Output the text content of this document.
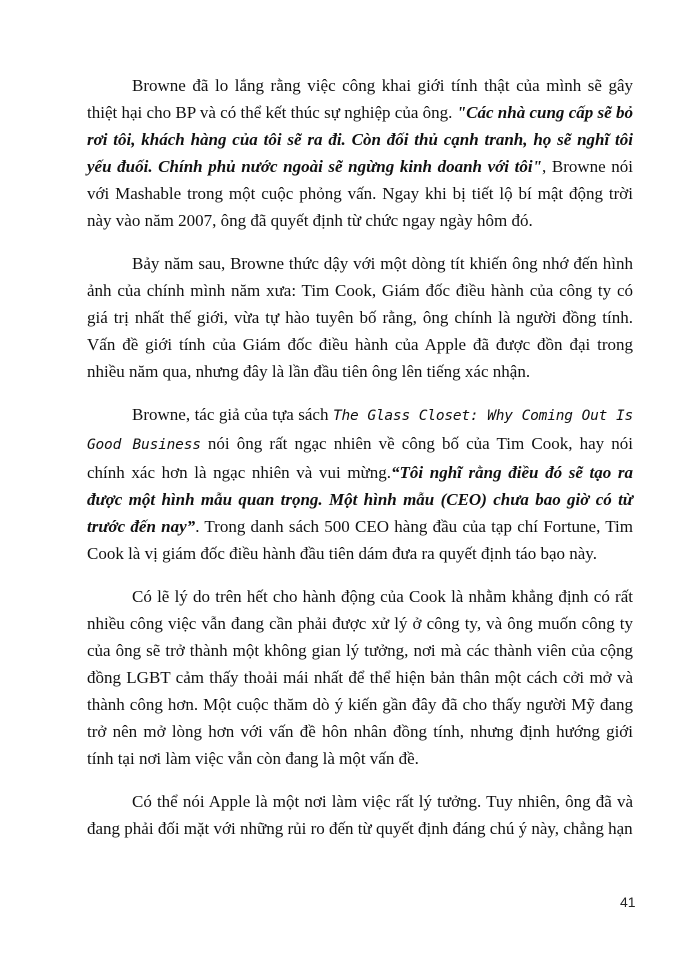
Browne đã lo lắng rằng việc công khai giới tính thật của mình sẽ gây thiệt hại cho BP và có thể kết thúc sự nghiệp của ông. "Các nhà cung cấp sẽ bỏ rơi tôi, khách hàng của tôi sẽ ra đi. Còn đối thủ cạnh tranh, họ sẽ nghĩ tôi yếu đuối. Chính phủ nước ngoài sẽ ngừng kinh doanh với tôi", Browne nói với Mashable trong một cuộc phỏng vấn. Ngay khi bị tiết lộ bí mật động trời này vào năm 2007, ông đã quyết định từ chức ngay ngày hôm đó.

Bảy năm sau, Browne thức dậy với một dòng tít khiến ông nhớ đến hình ảnh của chính mình năm xưa: Tim Cook, Giám đốc điều hành của công ty có giá trị nhất thế giới, vừa tự hào tuyên bố rằng, ông chính là người đồng tính. Vấn đề giới tính của Giám đốc điều hành của Apple đã được đồn đại trong nhiều năm qua, nhưng đây là lần đầu tiên ông lên tiếng xác nhận.

Browne, tác giả của tựa sách The Glass Closet: Why Coming Out Is Good Business nói ông rất ngạc nhiên về công bố của Tim Cook, hay nói chính xác hơn là ngạc nhiên và vui mừng.“Tôi nghĩ rằng điều đó sẽ tạo ra được một hình mẫu quan trọng. Một hình mẫu (CEO) chưa bao giờ có từ trước đến nay”. Trong danh sách 500 CEO hàng đầu của tạp chí Fortune, Tim Cook là vị giám đốc điều hành đầu tiên dám đưa ra quyết định táo bạo này.

Có lẽ lý do trên hết cho hành động của Cook là nhằm khẳng định có rất nhiều công việc vẫn đang cần phải được xử lý ở công ty, và ông muốn công ty của ông sẽ trở thành một không gian lý tưởng, nơi mà các thành viên của cộng đồng LGBT cảm thấy thoải mái nhất để thể hiện bản thân một cách cởi mở và thành công hơn. Một cuộc thăm dò ý kiến gần đây đã cho thấy người Mỹ đang trở nên mở lòng hơn với vấn đề hôn nhân đồng tính, nhưng định hướng giới tính tại nơi làm việc vẫn còn đang là một vấn đề.

Có thể nói Apple là một nơi làm việc rất lý tưởng. Tuy nhiên, ông đã và đang phải đối mặt với những rủi ro đến từ quyết định đáng chú ý này, chẳng hạn

41
